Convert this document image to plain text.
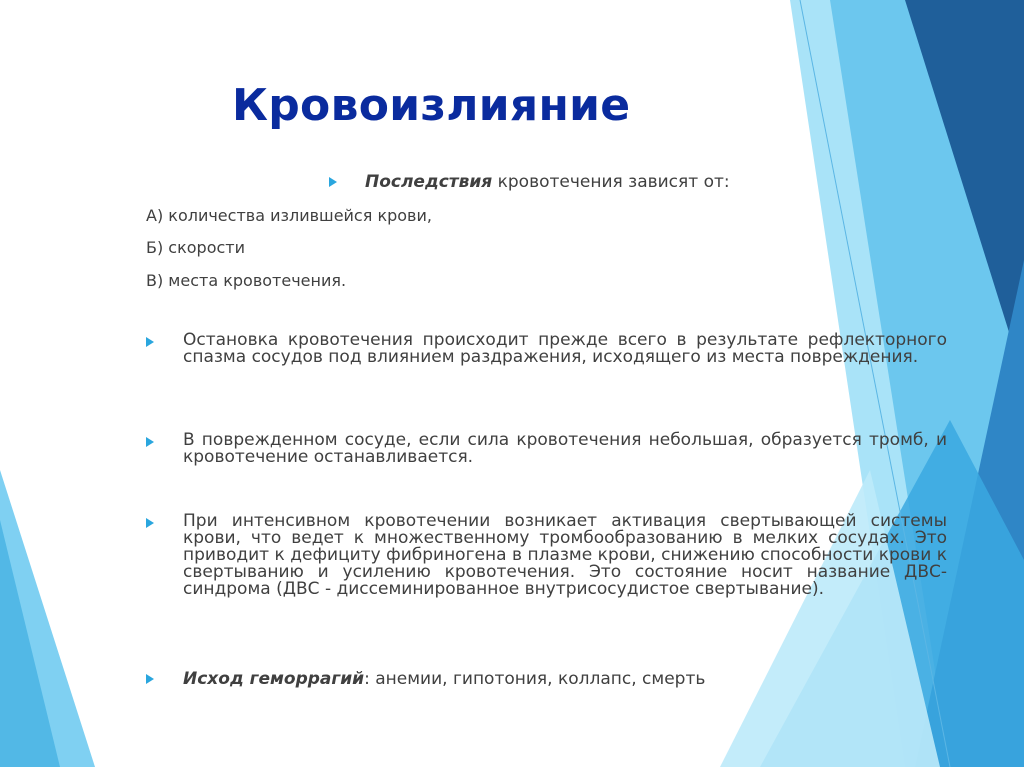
Кровоизлияние
Последствия кровотечения зависят от:
А) количества излившейся крови,
Б) скорости
В) места кровотечения.
Остановка кровотечения происходит прежде всего в результате рефлекторного спазма сосудов под влиянием раздражения, исходящего из места повреждения.
В поврежденном сосуде, если сила кровотечения небольшая, образуется тромб, и кровотечение останавливается.
При интенсивном кровотечении возникает активация свертывающей системы крови, что ведет к множественному тромбообразованию в мелких сосудах. Это приводит к дефициту фибриногена в плазме крови, снижению способности крови к свертыванию и усилению кровотечения. Это состояние носит название ДВС-синдрома (ДВС - диссеминированное внутрисосудистое свертывание).
Исход геморрагий: анемии, гипотония, коллапс, смерть
